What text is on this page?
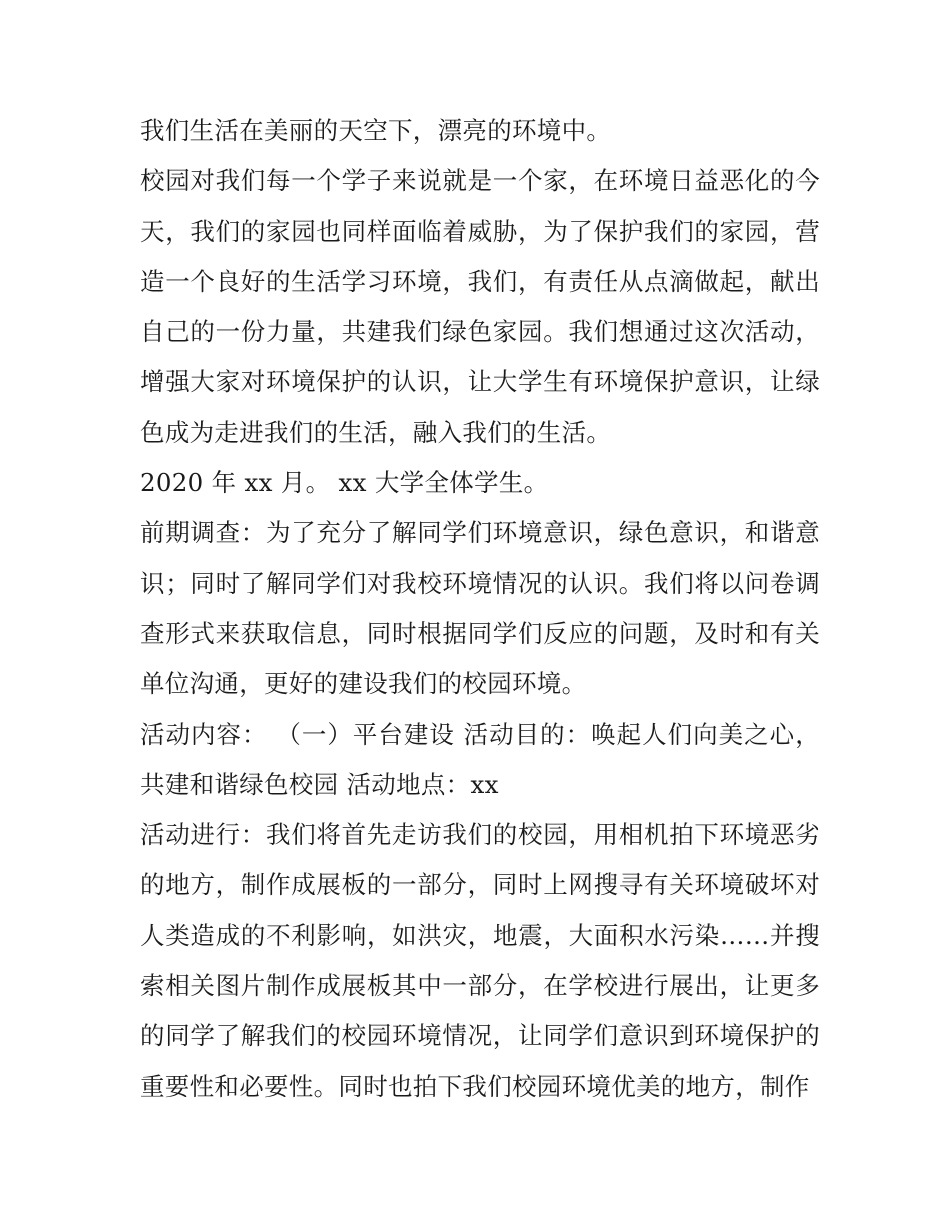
我们生活在美丽的天空下，漂亮的环境中。

校园对我们每一个学子来说就是一个家，在环境日益恶化的今天，我们的家园也同样面临着威胁，为了保护我们的家园，营造一个良好的生活学习环境，我们，有责任从点滴做起，献出自己的一份力量，共建我们绿色家园。我们想通过这次活动，增强大家对环境保护的认识，让大学生有环境保护意识，让绿色成为走进我们的生活，融入我们的生活。

2020 年 xx 月。 xx 大学全体学生。

前期调查：为了充分了解同学们环境意识，绿色意识，和谐意识；同时了解同学们对我校环境情况的认识。我们将以问卷调查形式来获取信息，同时根据同学们反应的问题，及时和有关单位沟通，更好的建设我们的校园环境。

活动内容： （一）平台建设 活动目的：唤起人们向美之心，共建和谐绿色校园 活动地点：xx

活动进行：我们将首先走访我们的校园，用相机拍下环境恶劣的地方，制作成展板的一部分，同时上网搜寻有关环境破坏对人类造成的不利影响，如洪灾，地震，大面积水污染……并搜索相关图片制作成展板其中一部分，在学校进行展出，让更多的同学了解我们的校园环境情况，让同学们意识到环境保护的重要性和必要性。同时也拍下我们校园环境优美的地方，制作
